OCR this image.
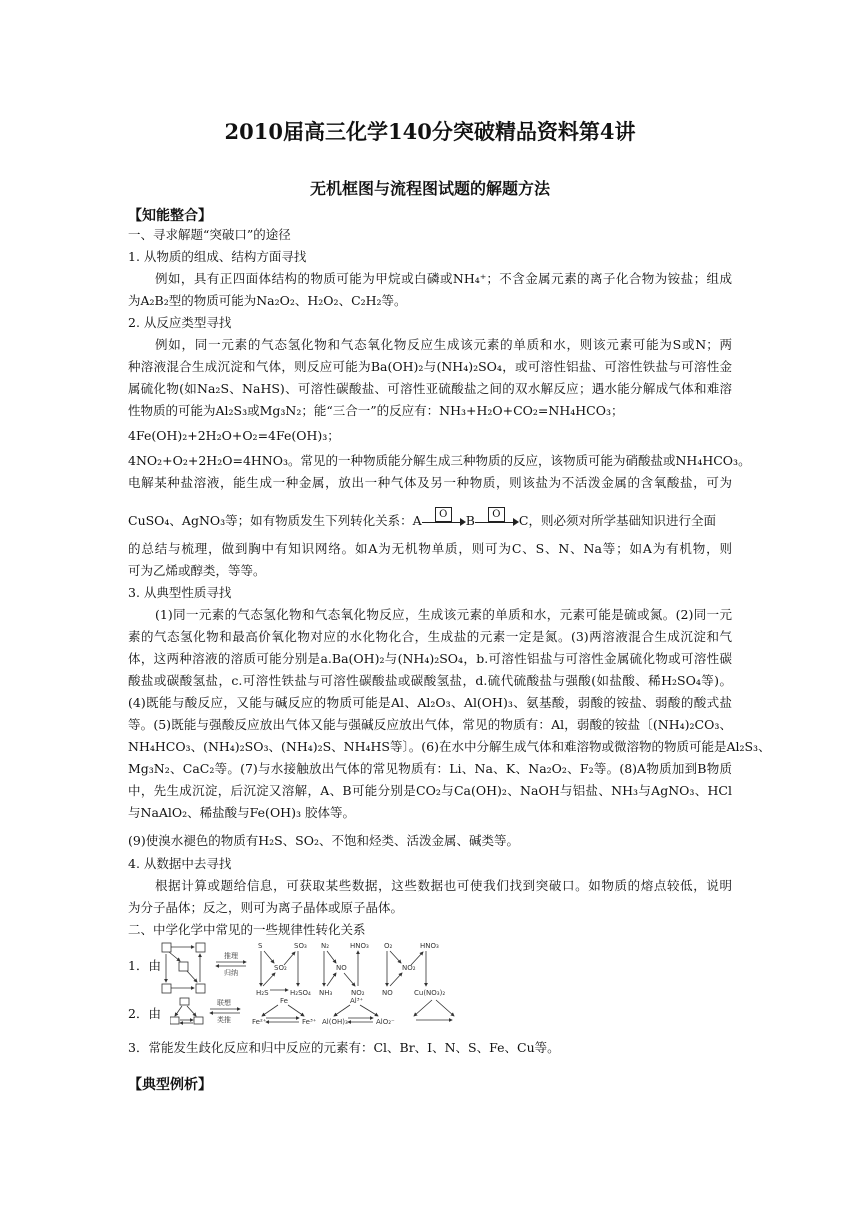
2010届高三化学140分突破精品资料第4讲
无机框图与流程图试题的解题方法
【知能整合】
一、寻求解题“突破口”的途径
1. 从物质的组成、结构方面寻找
例如，具有正四面体结构的物质可能为甲烷或白磷或NH₄⁺；不含金属元素的离子化合物为铵盐；组成
为A₂B₂型的物质可能为Na₂O₂、H₂O₂、C₂H₂等。
2. 从反应类型寻找
例如，同一元素的气态氢化物和气态氧化物反应生成该元素的单质和水，则该元素可能为S或N；两
种溶液混合生成沉淀和气体，则反应可能为Ba(OH)₂与(NH₄)₂SO₄，或可溶性铝盐、可溶性铁盐与可溶性金
属硫化物(如Na₂S、NaHS)、可溶性碳酸盐、可溶性亚硫酸盐之间的双水解反应；遇水能分解成气体和难溶
性物质的可能为Al₂S₃或Mg₃N₂；能“三合一”的反应有：NH₃+H₂O+CO₂=NH₄HCO₃；
4Fe(OH)₂+2H₂O+O₂=4Fe(OH)₃；
4NO₂+O₂+2H₂O=4HNO₃。常见的一种物质能分解生成三种物质的反应，该物质可能为硝酸盐或NH₄HCO₃。
电解某种盐溶液，能生成一种金属，放出一种气体及另一种物质，则该盐为不活泼金属的含氧酸盐，可为
CuSO₄、AgNO₃等；如有物质发生下列转化关系：A	O	B	O	C，则必须对所学基础知识进行全面
的总结与梳理，做到胸中有知识网络。如A为无机物单质，则可为C、S、N、Na等；如A为有机物，则
可为乙烯或醇类，等等。
3. 从典型性质寻找
(1)同一元素的气态氢化物和气态氧化物反应，生成该元素的单质和水，元素可能是硫或氮。(2)同一元
素的气态氢化物和最高价氧化物对应的水化物化合，生成盐的元素一定是氮。(3)两溶液混合生成沉淀和气
体，这两种溶液的溶质可能分别是a.Ba(OH)₂与(NH₄)₂SO₄，b.可溶性铝盐与可溶性金属硫化物或可溶性碳
酸盐或碳酸氢盐，c.可溶性铁盐与可溶性碳酸盐或碳酸氢盐，d.硫代硫酸盐与强酸(如盐酸、稀H₂SO₄等)。
(4)既能与酸反应，又能与碱反应的物质可能是Al、Al₂O₃、Al(OH)₃、氨基酸，弱酸的铵盐、弱酸的酸式盐
等。(5)既能与强酸反应放出气体又能与强碱反应放出气体，常见的物质有：Al，弱酸的铵盐〔(NH₄)₂CO₃、
NH₄HCO₃、(NH₄)₂SO₃、(NH₄)₂S、NH₄HS等〕。(6)在水中分解生成气体和难溶物或微溶物的物质可能是Al₂S₃、
Mg₃N₂、CaC₂等。(7)与水接触放出气体的常见物质有：Li、Na、K、Na₂O₂、F₂等。(8)A物质加到B物质
中，先生成沉淀，后沉淀又溶解，A、B可能分别是CO₂与Ca(OH)₂、NaOH与铝盐、NH₃与AgNO₃、HCl
与NaAlO₂、稀盐酸与Fe(OH)₃ 胶体等。
(9)使溴水褪色的物质有H₂S、SO₂、不饱和烃类、活泼金属、碱类等。
4. 从数据中去寻找
根据计算或题给信息，可获取某些数据，这些数据也可使我们找到突破口。如物质的熔点较低，说明
为分子晶体；反之，则可为离子晶体或原子晶体。
二、中学化学中常见的一些规律性转化关系
1．由
推理
归纳
S	SO₃
SO₂
H₂S	H₂SO₄
N₂	HNO₃
NO
NH₃	NO₂
O₂	HNO₃
NO₂
NO	Cu(NO₃)₂
2．由
联想
类推
Fe
Fe²⁺	Fe³⁺
Al³⁺
Al(OH)₃	AlO₂⁻
3．常能发生歧化反应和归中反应的元素有：Cl、Br、I、N、S、Fe、Cu等。
【典型例析】
